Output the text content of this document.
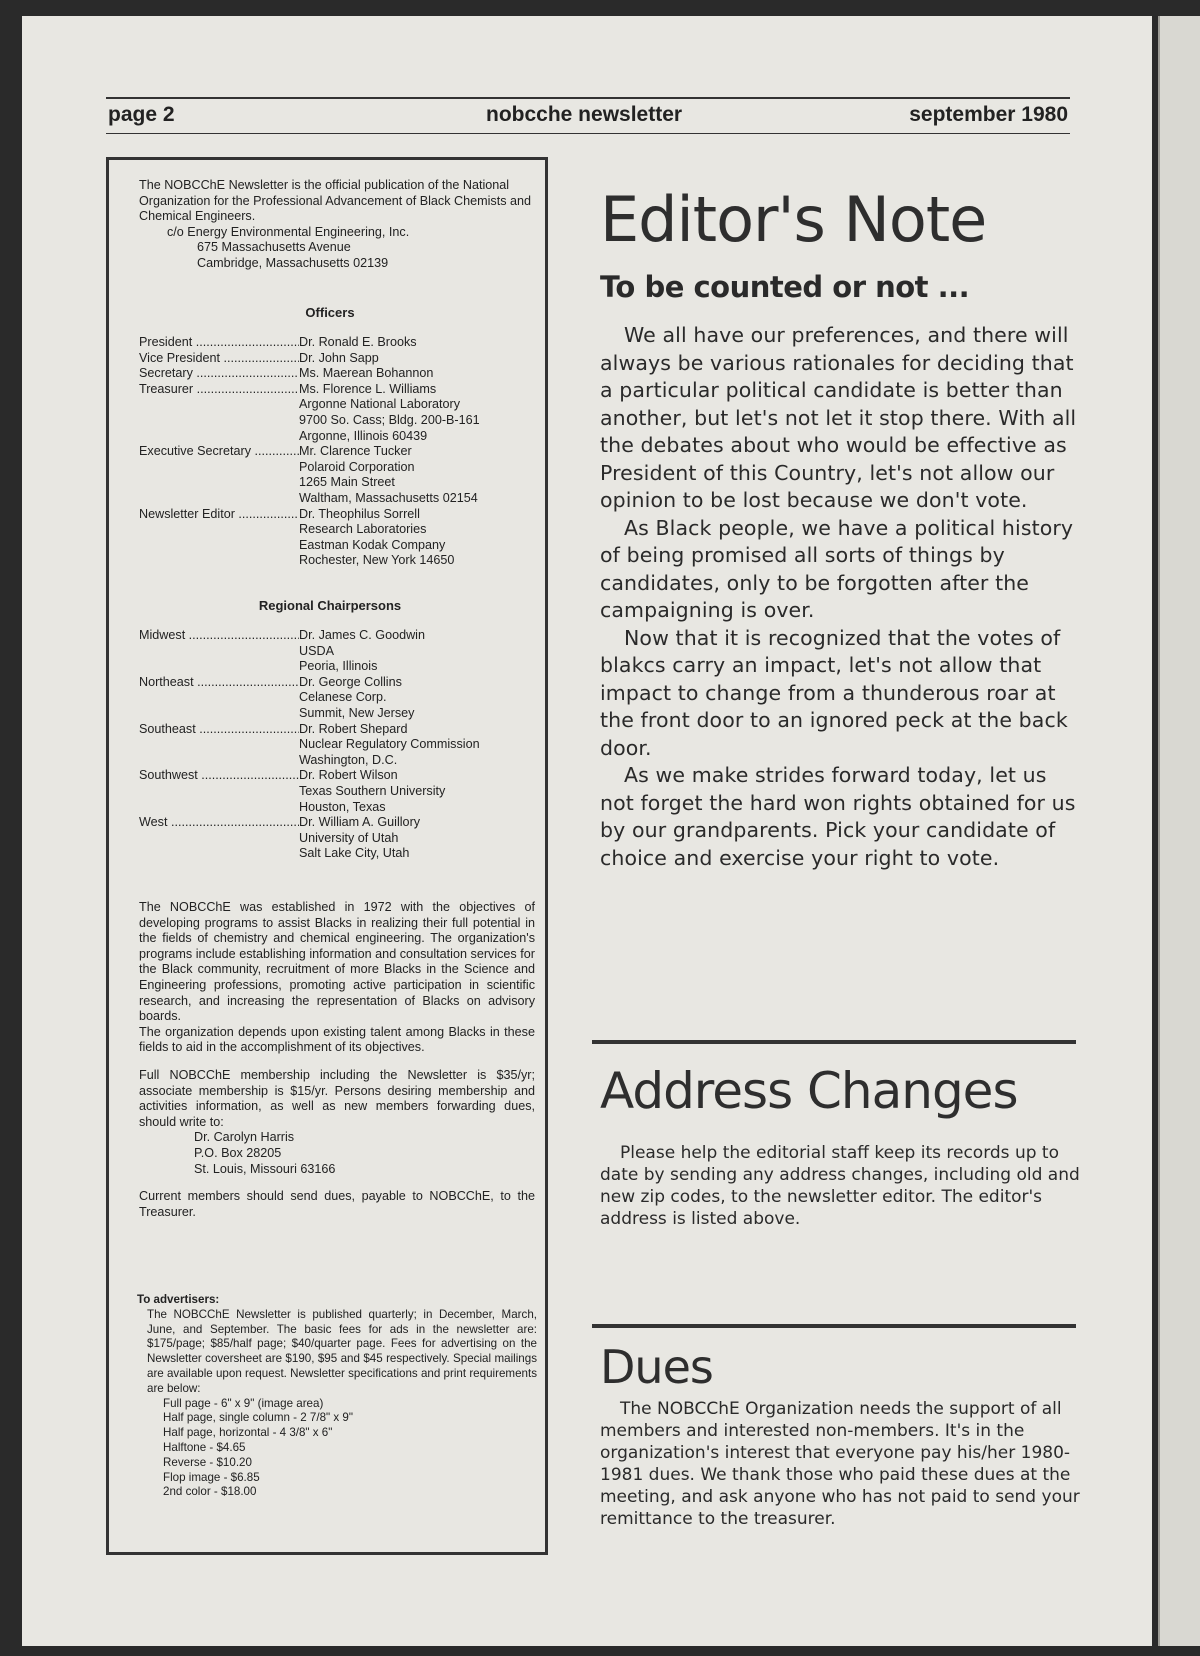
page 2	nobcche newsletter	september 1980
The NOBCChE Newsletter is the official publication of the National Organization for the Professional Advancement of Black Chemists and Chemical Engineers.
c/o Energy Environmental Engineering, Inc.
675 Massachusetts Avenue
Cambridge, Massachusetts 02139
Officers
President .....	Dr. Ronald E. Brooks
Vice President .....	Dr. John Sapp
Secretary .....	Ms. Maerean Bohannon
Treasurer .....	Ms. Florence L. Williams
Argonne National Laboratory
9700 So. Cass; Bldg. 200-B-161
Argonne, Illinois 60439
Executive Secretary .....	Mr. Clarence Tucker
Polaroid Corporation
1265 Main Street
Waltham, Massachusetts 02154
Newsletter Editor .....	Dr. Theophilus Sorrell
Research Laboratories
Eastman Kodak Company
Rochester, New York 14650
Regional Chairpersons
Midwest .....	Dr. James C. Goodwin
USDA
Peoria, Illinois
Northeast .....	Dr. George Collins
Celanese Corp.
Summit, New Jersey
Southeast .....	Dr. Robert Shepard
Nuclear Regulatory Commission
Washington, D.C.
Southwest .....	Dr. Robert Wilson
Texas Southern University
Houston, Texas
West .....	Dr. William A. Guillory
University of Utah
Salt Lake City, Utah
The NOBCChE was established in 1972 with the objectives of developing programs to assist Blacks in realizing their full potential in the fields of chemistry and chemical engineering. The organization's programs include establishing information and consultation services for the Black community, recruitment of more Blacks in the Science and Engineering professions, promoting active participation in scientific research, and increasing the representation of Blacks on advisory boards.
The organization depends upon existing talent among Blacks in these fields to aid in the accomplishment of its objectives.
Full NOBCChE membership including the Newsletter is $35/yr; associate membership is $15/yr. Persons desiring membership and activities information, as well as new members forwarding dues, should write to:
Dr. Carolyn Harris
P.O. Box 28205
St. Louis, Missouri 63166
Current members should send dues, payable to NOBCChE, to the Treasurer.
To advertisers:
The NOBCChE Newsletter is published quarterly; in December, March, June, and September. The basic fees for ads in the newsletter are: $175/page; $85/half page; $40/quarter page. Fees for advertising on the Newsletter coversheet are $190, $95 and $45 respectively. Special mailings are available upon request. Newsletter specifications and print requirements are below:
Full page - 6" x 9" (image area)
Half page, single column - 2 7/8" x 9"
Half page, horizontal - 4 3/8" x 6"
Halftone - $4.65
Reverse - $10.20
Flop image - $6.85
2nd color - $18.00
Editor's Note
To be counted or not ...

We all have our preferences, and there will always be various rationales for deciding that a particular political candidate is better than another, but let's not let it stop there. With all the debates about who would be effective as President of this Country, let's not allow our opinion to be lost because we don't vote.

As Black people, we have a political history of being promised all sorts of things by candidates, only to be forgotten after the campaigning is over.

Now that it is recognized that the votes of blakcs carry an impact, let's not allow that impact to change from a thunderous roar at the front door to an ignored peck at the back door.

As we make strides forward today, let us not forget the hard won rights obtained for us by our grandparents. Pick your candidate of choice and exercise your right to vote.

Address Changes

Please help the editorial staff keep its records up to date by sending any address changes, including old and new zip codes, to the newsletter editor. The editor's address is listed above.

Dues

The NOBCChE Organization needs the support of all members and interested non-members. It's in the organization's interest that everyone pay his/her 1980-1981 dues. We thank those who paid these dues at the meeting, and ask anyone who has not paid to send your remittance to the treasurer.
